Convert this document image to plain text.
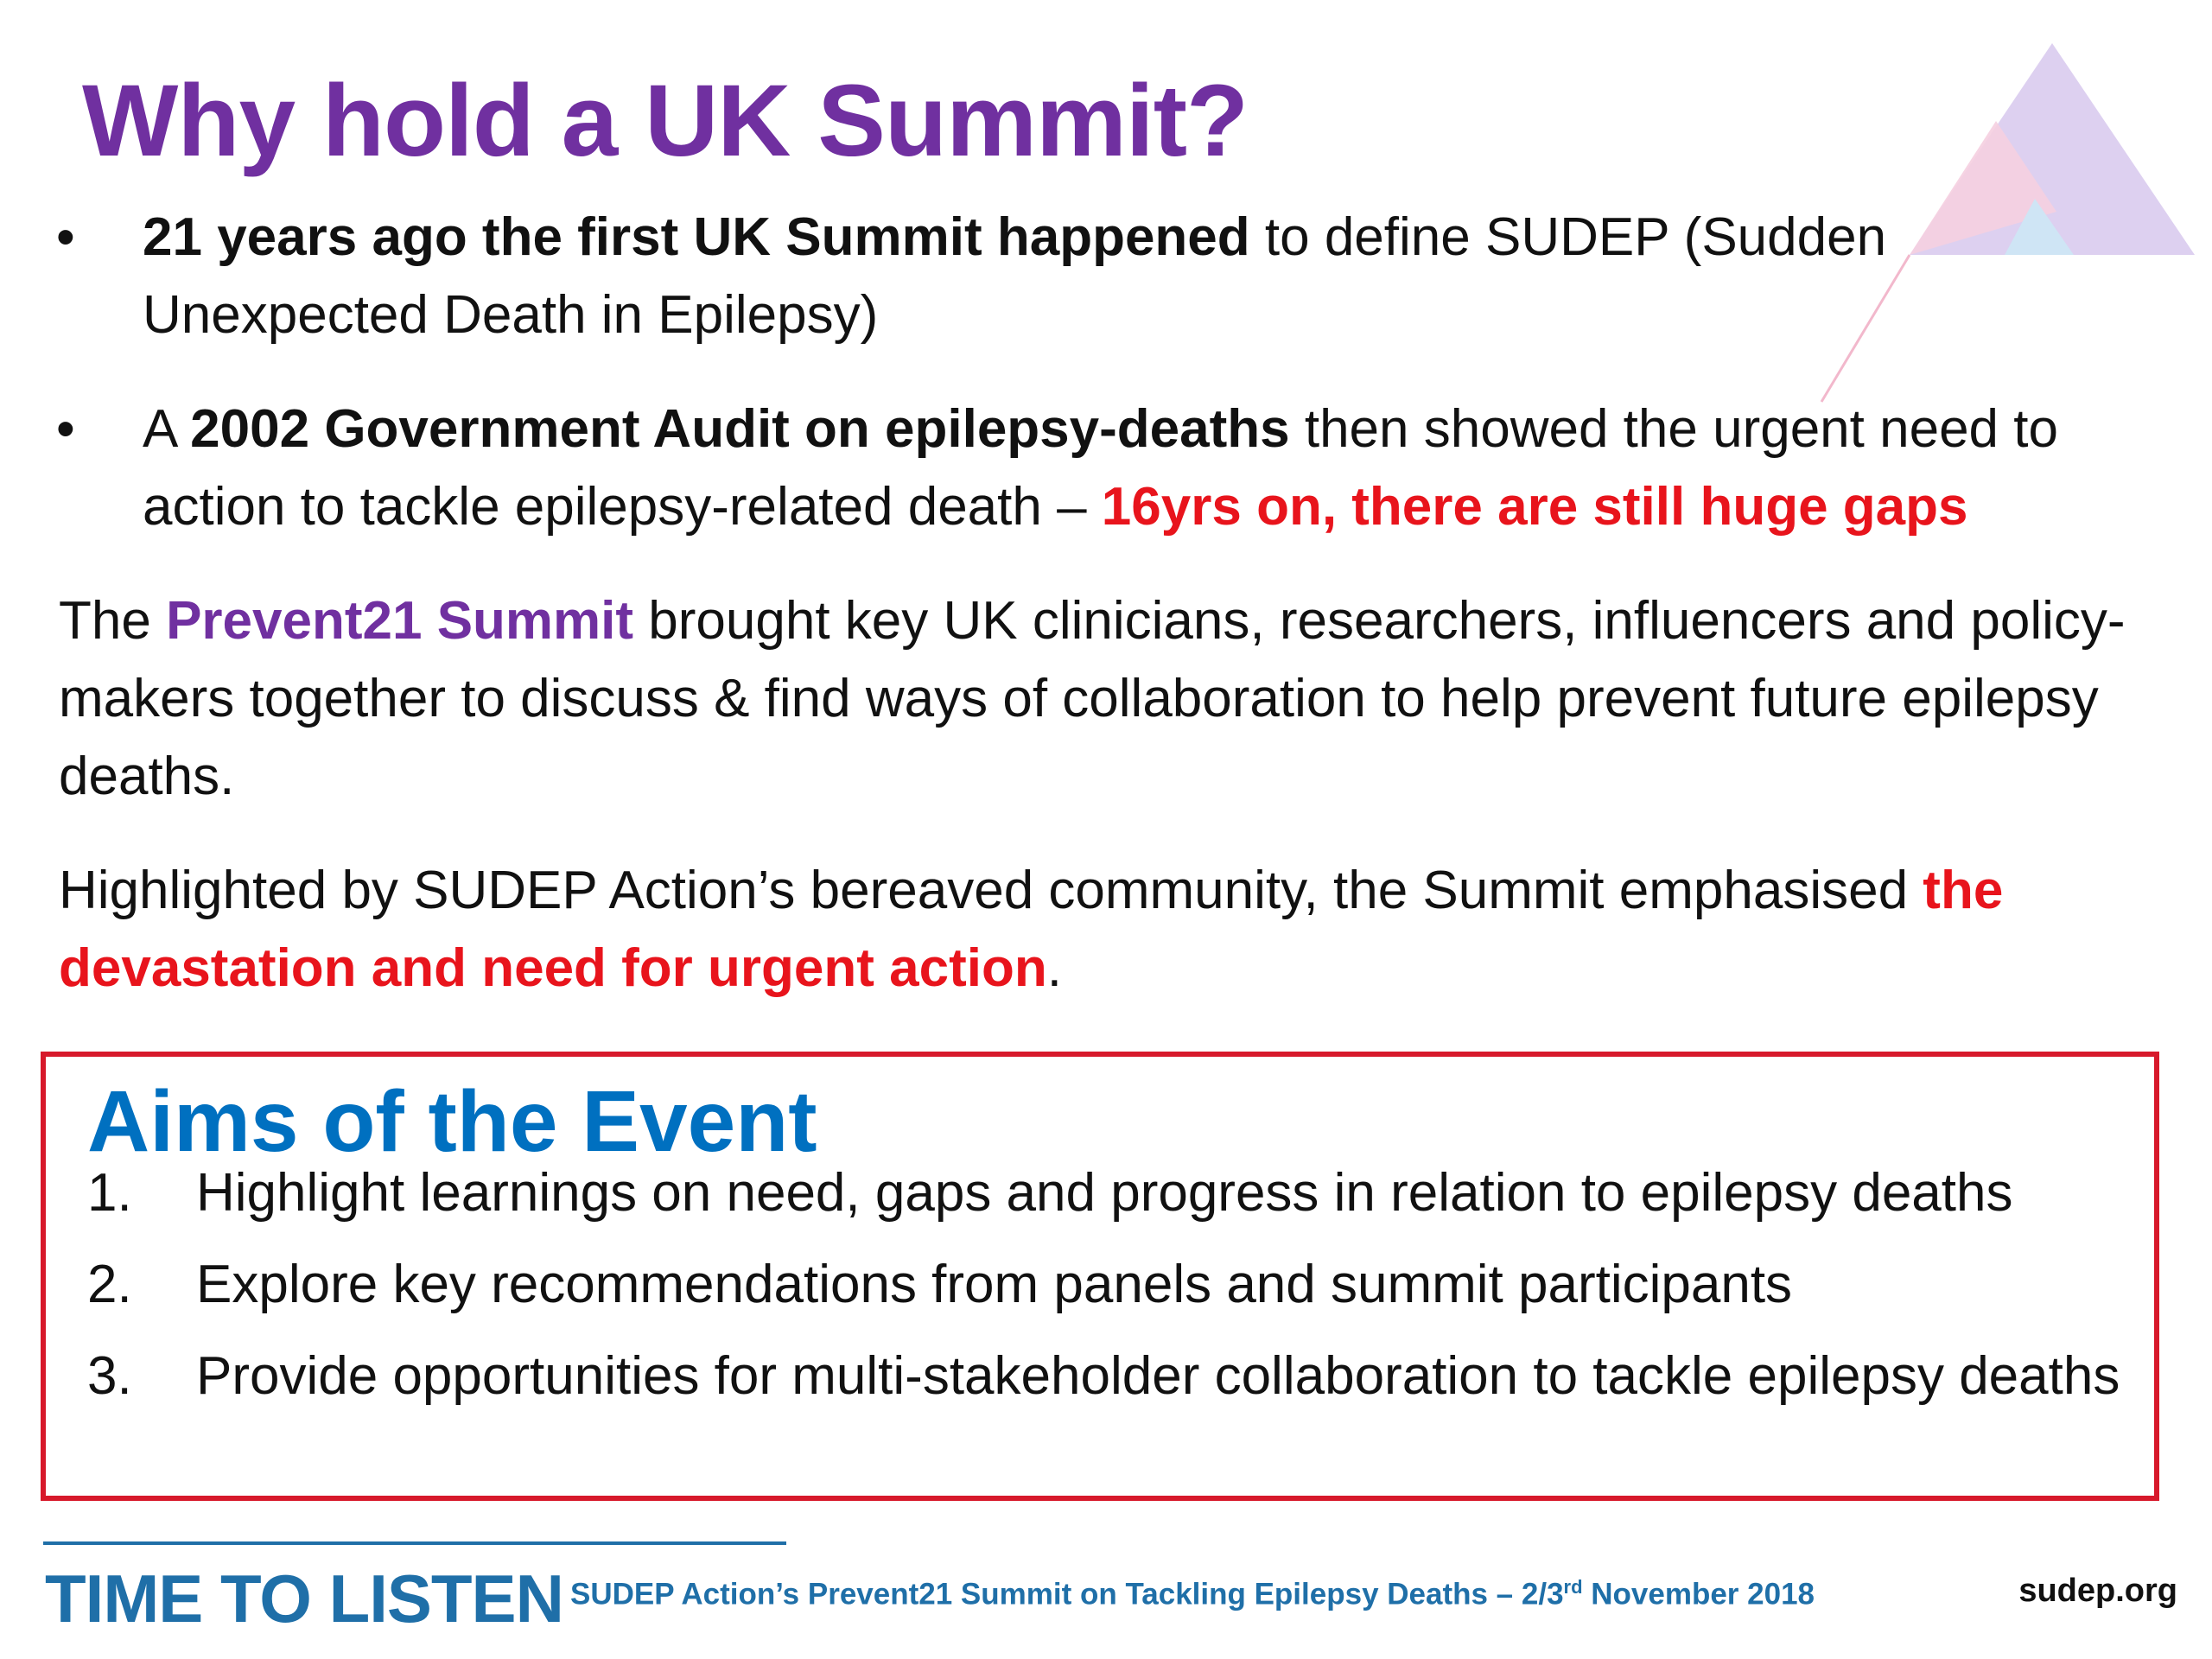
Why hold a UK Summit?
• 21 years ago the first UK Summit happened to define SUDEP (Sudden Unexpected Death in Epilepsy)
• A 2002 Government Audit on epilepsy-deaths then showed the urgent need to action to tackle epilepsy-related death – 16yrs on, there are still huge gaps
The Prevent21 Summit brought key UK clinicians, researchers, influencers and policy-makers together to discuss & find ways of collaboration to help prevent future epilepsy deaths.
Highlighted by SUDEP Action’s bereaved community, the Summit emphasised the devastation and need for urgent action.
Aims of the Event
1. Highlight learnings on need, gaps and progress in relation to epilepsy deaths
2. Explore key recommendations from panels and summit participants
3. Provide opportunities for multi-stakeholder collaboration to tackle epilepsy deaths
TIME TO LISTEN SUDEP Action’s Prevent21 Summit on Tackling Epilepsy Deaths – 2/3rd November 2018	sudep.org
